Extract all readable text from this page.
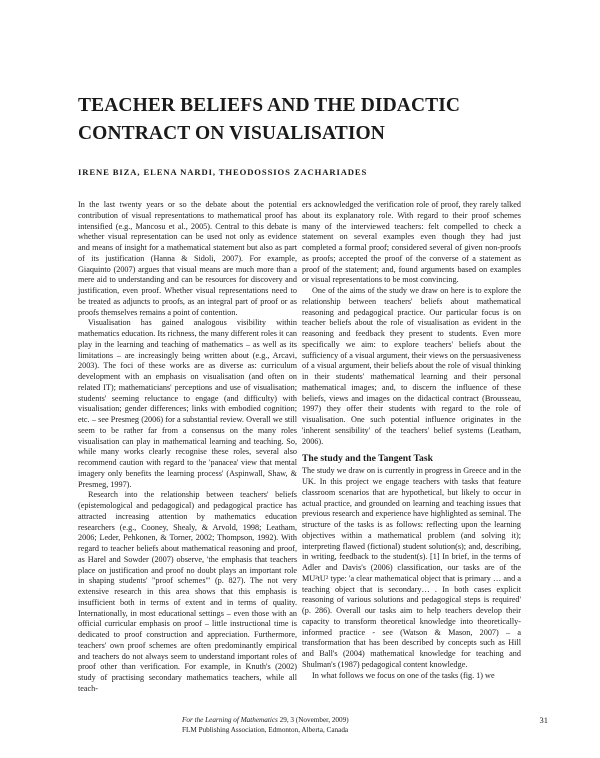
TEACHER BELIEFS AND THE DIDACTIC CONTRACT ON VISUALISATION
IRENE BIZA, ELENA NARDI, THEODOSSIOS ZACHARIADES

In the last twenty years or so the debate about the potential contribution of visual representations to mathematical proof has intensified (e.g., Mancosu et al., 2005). Central to this debate is whether visual representation can be used not only as evidence and means of insight for a mathematical statement but also as part of its justification (Hanna & Sidoli, 2007). For example, Giaquinto (2007) argues that visual means are much more than a mere aid to understanding and can be resources for discovery and justification, even proof. Whether visual representations need to be treated as adjuncts to proofs, as an integral part of proof or as proofs themselves remains a point of contention.

Visualisation has gained analogous visibility within mathematics education. Its richness, the many different roles it can play in the learning and teaching of mathematics – as well as its limitations – are increasingly being written about (e.g., Arcavi, 2003). The foci of these works are as diverse as: curriculum development with an emphasis on visualisation (and often on related IT); mathematicians' perceptions and use of visualisation; students' seeming reluctance to engage (and difficulty) with visualisation; gender differences; links with embodied cognition; etc. – see Presmeg (2006) for a substantial review. Overall we still seem to be rather far from a consensus on the many roles visualisation can play in mathematical learning and teaching. So, while many works clearly recognise these roles, several also recommend caution with regard to the 'panacea' view that mental imagery only benefits the learning process' (Aspinwall, Shaw, & Presmeg, 1997).

Research into the relationship between teachers' beliefs (epistemological and pedagogical) and pedagogical practice has attracted increasing attention by mathematics education researchers (e.g., Cooney, Shealy, & Arvold, 1998; Leatham, 2006; Leder, Pehkonen, & Torner, 2002; Thompson, 1992). With regard to teacher beliefs about mathematical reasoning and proof, as Harel and Sowder (2007) observe, 'the emphasis that teachers place on justification and proof no doubt plays an important role in shaping students' "proof schemes"' (p. 827). The not very extensive research in this area shows that this emphasis is insufficient both in terms of extent and in terms of quality. Internationally, in most educational settings – even those with an official curricular emphasis on proof – little instructional time is dedicated to proof construction and appreciation. Furthermore, teachers' own proof schemes are often predominantly empirical and teachers do not always seem to understand important roles of proof other than verification. For example, in Knuth's (2002) study of practising secondary mathematics teachers, while all teach-

ers acknowledged the verification role of proof, they rarely talked about its explanatory role. With regard to their proof schemes many of the interviewed teachers: felt compelled to check a statement on several examples even though they had just completed a formal proof; considered several of given non-proofs as proofs; accepted the proof of the converse of a statement as proof of the statement; and, found arguments based on examples or visual representations to be most convincing.

One of the aims of the study we draw on here is to explore the relationship between teachers' beliefs about mathematical reasoning and pedagogical practice. Our particular focus is on teacher beliefs about the role of visualisation as evident in the reasoning and feedback they present to students. Even more specifically we aim: to explore teachers' beliefs about the sufficiency of a visual argument, their views on the persuasiveness of a visual argument, their beliefs about the role of visual thinking in their students' mathematical learning and their personal mathematical images; and, to discern the influence of these beliefs, views and images on the didactical contract (Brousseau, 1997) they offer their students with regard to the role of visualisation. One such potential influence originates in the 'inherent sensibility' of the teachers' belief systems (Leatham, 2006).

The study and the Tangent Task

The study we draw on is currently in progress in Greece and in the UK. In this project we engage teachers with tasks that feature classroom scenarios that are hypothetical, but likely to occur in actual practice, and grounded on learning and teaching issues that previous research and experience have highlighted as seminal. The structure of the tasks is as follows: reflecting upon the learning objectives within a mathematical problem (and solving it); interpreting flawed (fictional) student solution(s); and, describing, in writing, feedback to the student(s). [1] In brief, in the terms of Adler and Davis's (2006) classification, our tasks are of the MU²tU² type: 'a clear mathematical object that is primary … and a teaching object that is secondary… . In both cases explicit reasoning of various solutions and pedagogical steps is required' (p. 286). Overall our tasks aim to help teachers develop their capacity to transform theoretical knowledge into theoretically-informed practice - see (Watson & Mason, 2007) – a transformation that has been described by concepts such as Hill and Ball's (2004) mathematical knowledge for teaching and Shulman's (1987) pedagogical content knowledge.

In what follows we focus on one of the tasks (fig. 1) we

For the Learning of Mathematics 29, 3 (November, 2009)
FLM Publishing Association, Edmonton, Alberta, Canada
31
